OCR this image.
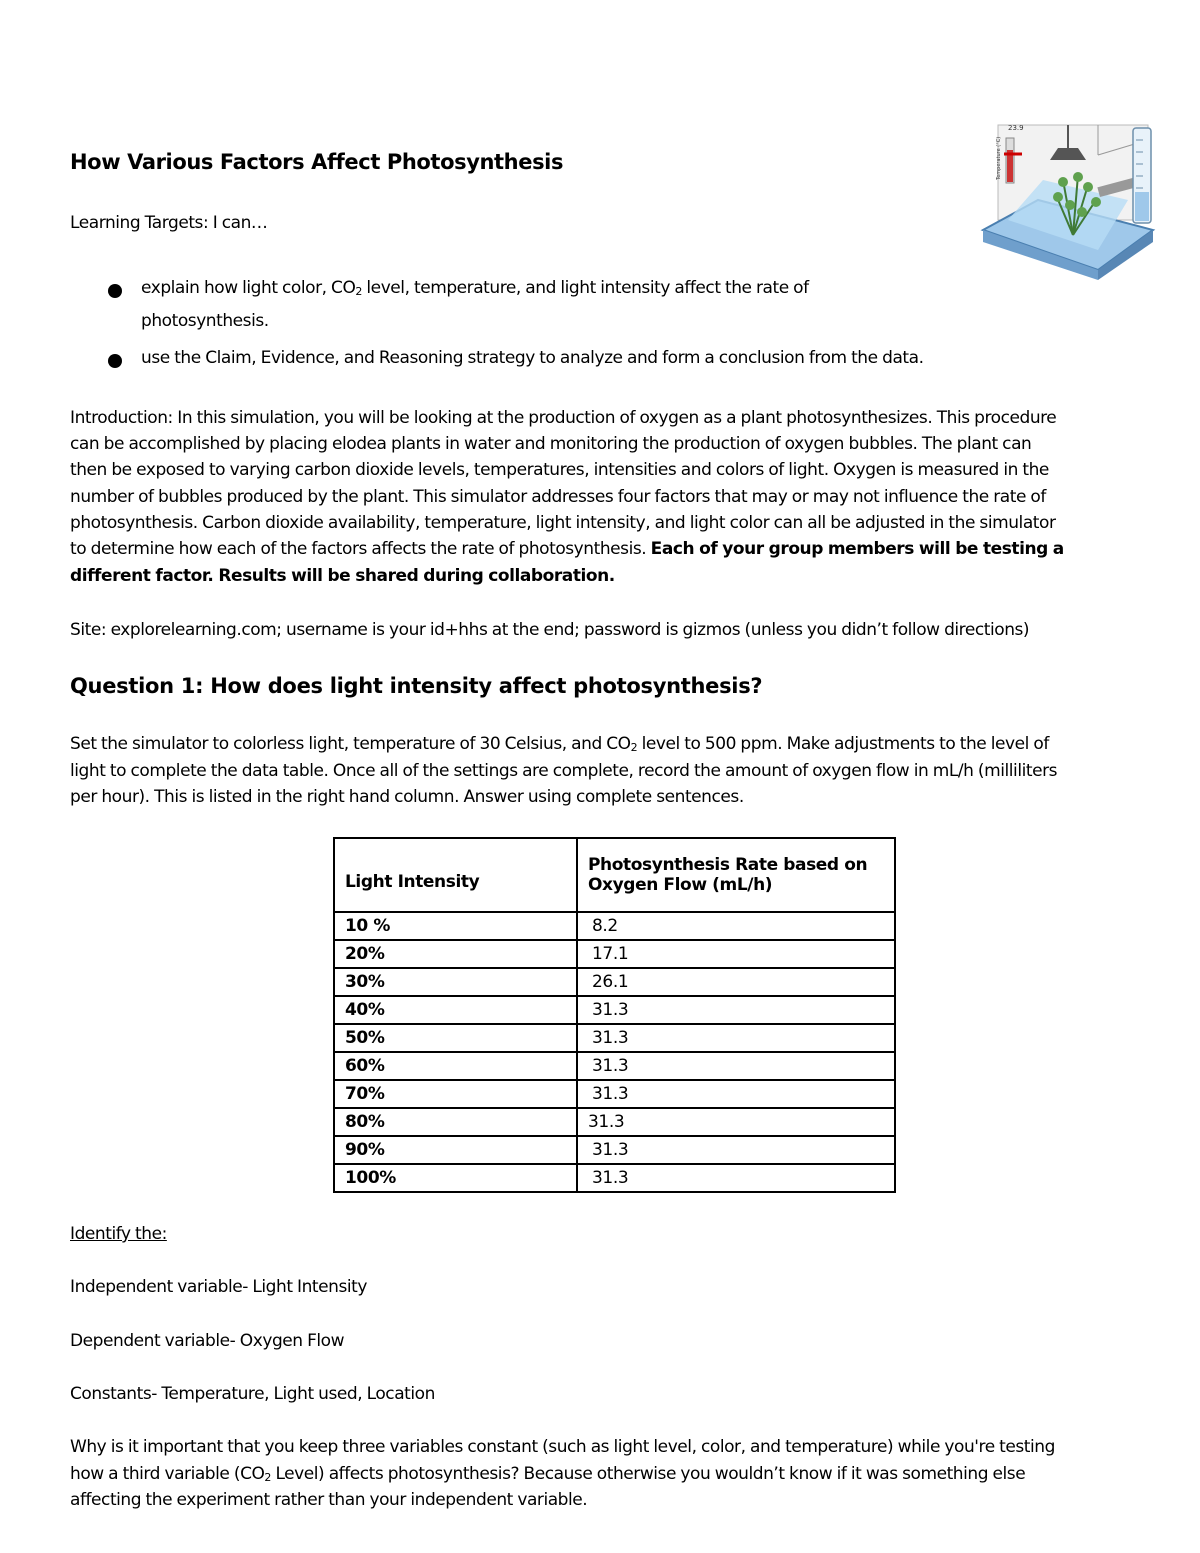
23.9
Temperature (°C)
How Various Factors Affect Photosynthesis
Learning Targets: I can…
explain how light color, CO2 level, temperature, and light intensity affect the rate of
photosynthesis.
use the Claim, Evidence, and Reasoning strategy to analyze and form a conclusion from the data.
Introduction: In this simulation, you will be looking at the production of oxygen as a plant photosynthesizes. This procedure
can be accomplished by placing elodea plants in water and monitoring the production of oxygen bubbles. The plant can
then be exposed to varying carbon dioxide levels, temperatures, intensities and colors of light. Oxygen is measured in the
number of bubbles produced by the plant. This simulator addresses four factors that may or may not influence the rate of
photosynthesis. Carbon dioxide availability, temperature, light intensity, and light color can all be adjusted in the simulator
to determine how each of the factors affects the rate of photosynthesis. Each of your group members will be testing a
different factor. Results will be shared during collaboration.
Site: explorelearning.com; username is your id+hhs at the end; password is gizmos (unless you didn’t follow directions)
Question 1: How does light intensity affect photosynthesis?
Set the simulator to colorless light, temperature of 30 Celsius, and CO2 level to 500 ppm. Make adjustments to the level of
light to complete the data table. Once all of the settings are complete, record the amount of oxygen flow in mL/h (milliliters
per hour). This is listed in the right hand column. Answer using complete sentences.
Light Intensity	Photosynthesis Rate based on
Oxygen Flow (mL/h)

10 %	8.2
20%	17.1
30%	26.1
40%	31.3
50%	31.3
60%	31.3
70%	31.3
80%	31.3
90%	31.3
100%	31.3
Identify the:
Independent variable- Light Intensity
Dependent variable- Oxygen Flow
Constants- Temperature, Light used, Location
Why is it important that you keep three variables constant (such as light level, color, and temperature) while you're testing
how a third variable (CO2 Level) affects photosynthesis? Because otherwise you wouldn’t know if it was something else
affecting the experiment rather than your independent variable.
